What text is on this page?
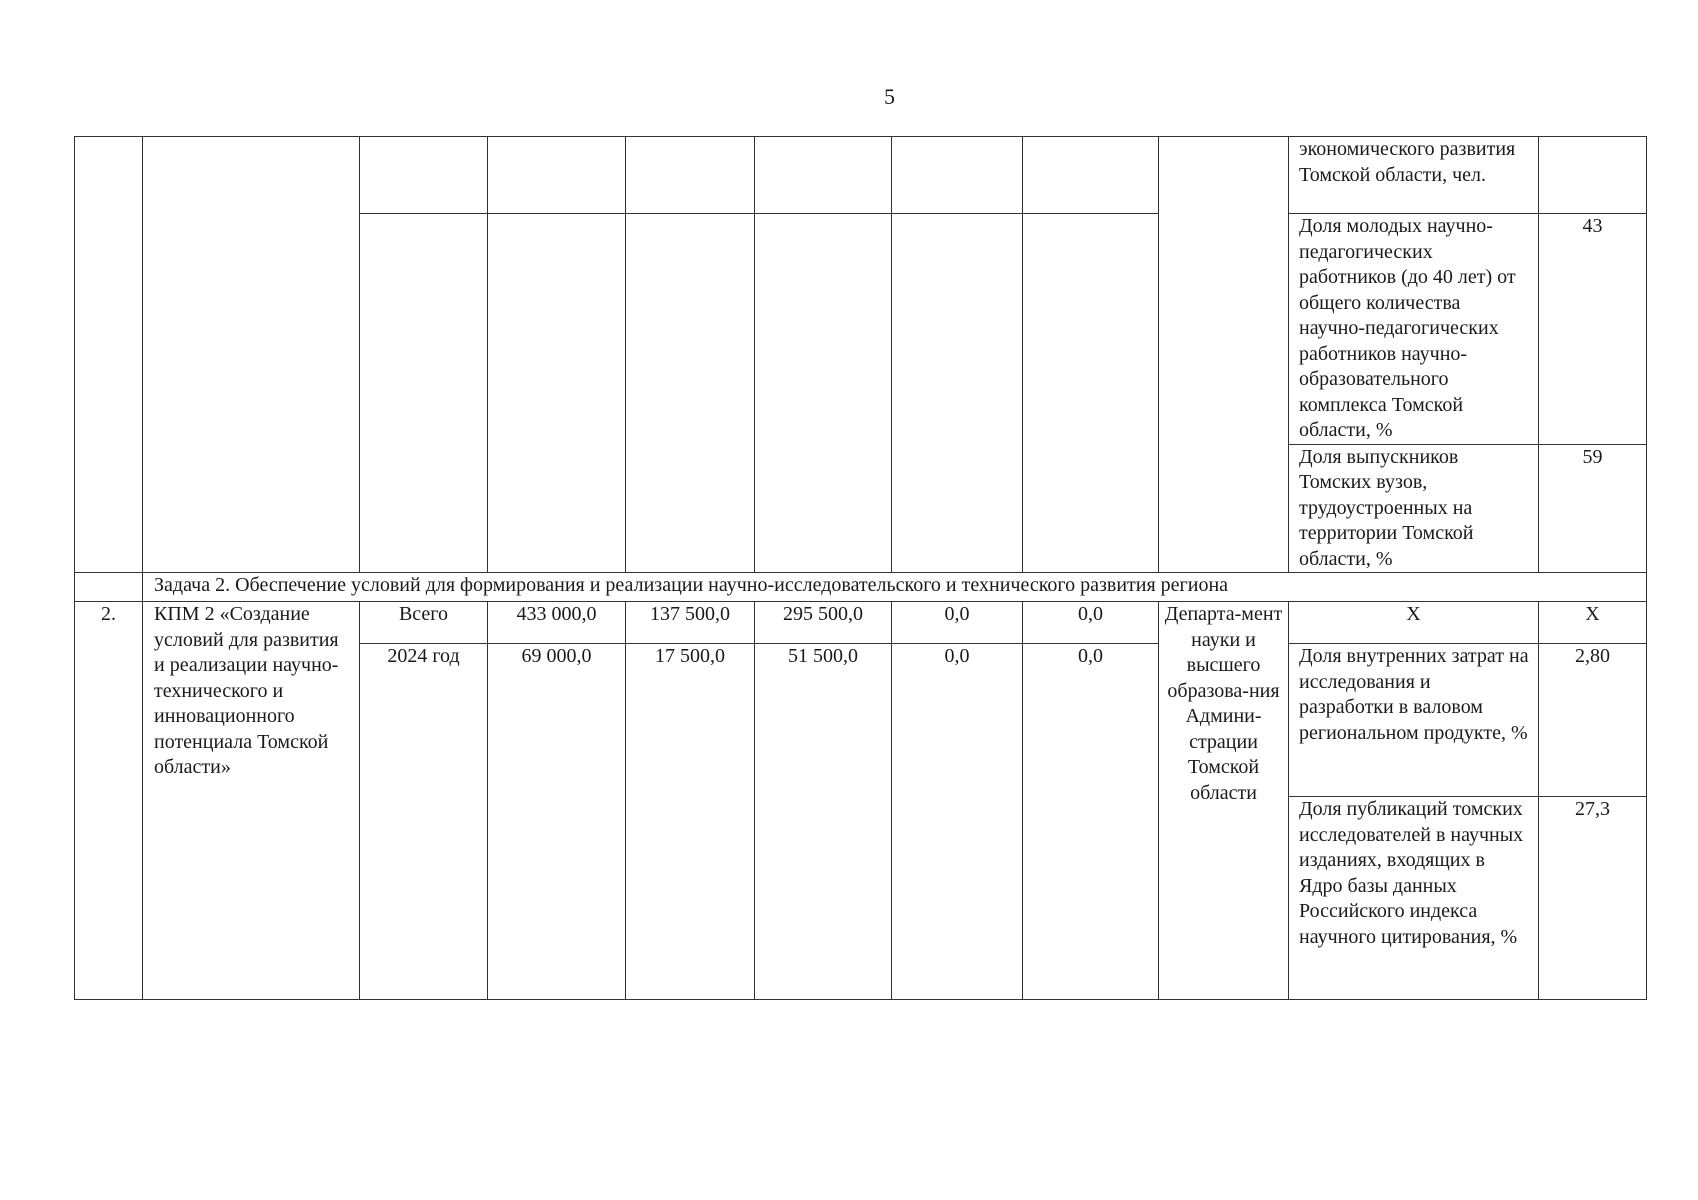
5
									экономического развития Томской области, чел.	
									Доля молодых научно-педагогических работников (до 40 лет) от общего количества научно-педагогических работников научно-образовательного комплекса Томской области, %	43
									Доля выпускников Томских вузов, трудоустроенных на территории Томской области, %	59
	Задача 2. Обеспечение условий для формирования и реализации научно-исследовательского и технического развития региона									
2.	КПМ 2 «Создание условий для развития и реализации научно-технического и инновационного потенциала Томской области»	Всего	433 000,0	137 500,0	295 500,0	0,0	0,0	Департа-мент науки и высшего образова-ния Админи-страции Томской области	Х	Х
		2024 год	69 000,0	17 500,0	51 500,0	0,0	0,0		Доля внутренних затрат на исследования и разработки в валовом региональном продукте, %	2,80
									Доля публикаций томских исследователей в научных изданиях, входящих в Ядро базы данных Российского индекса научного цитирования, %	27,3
